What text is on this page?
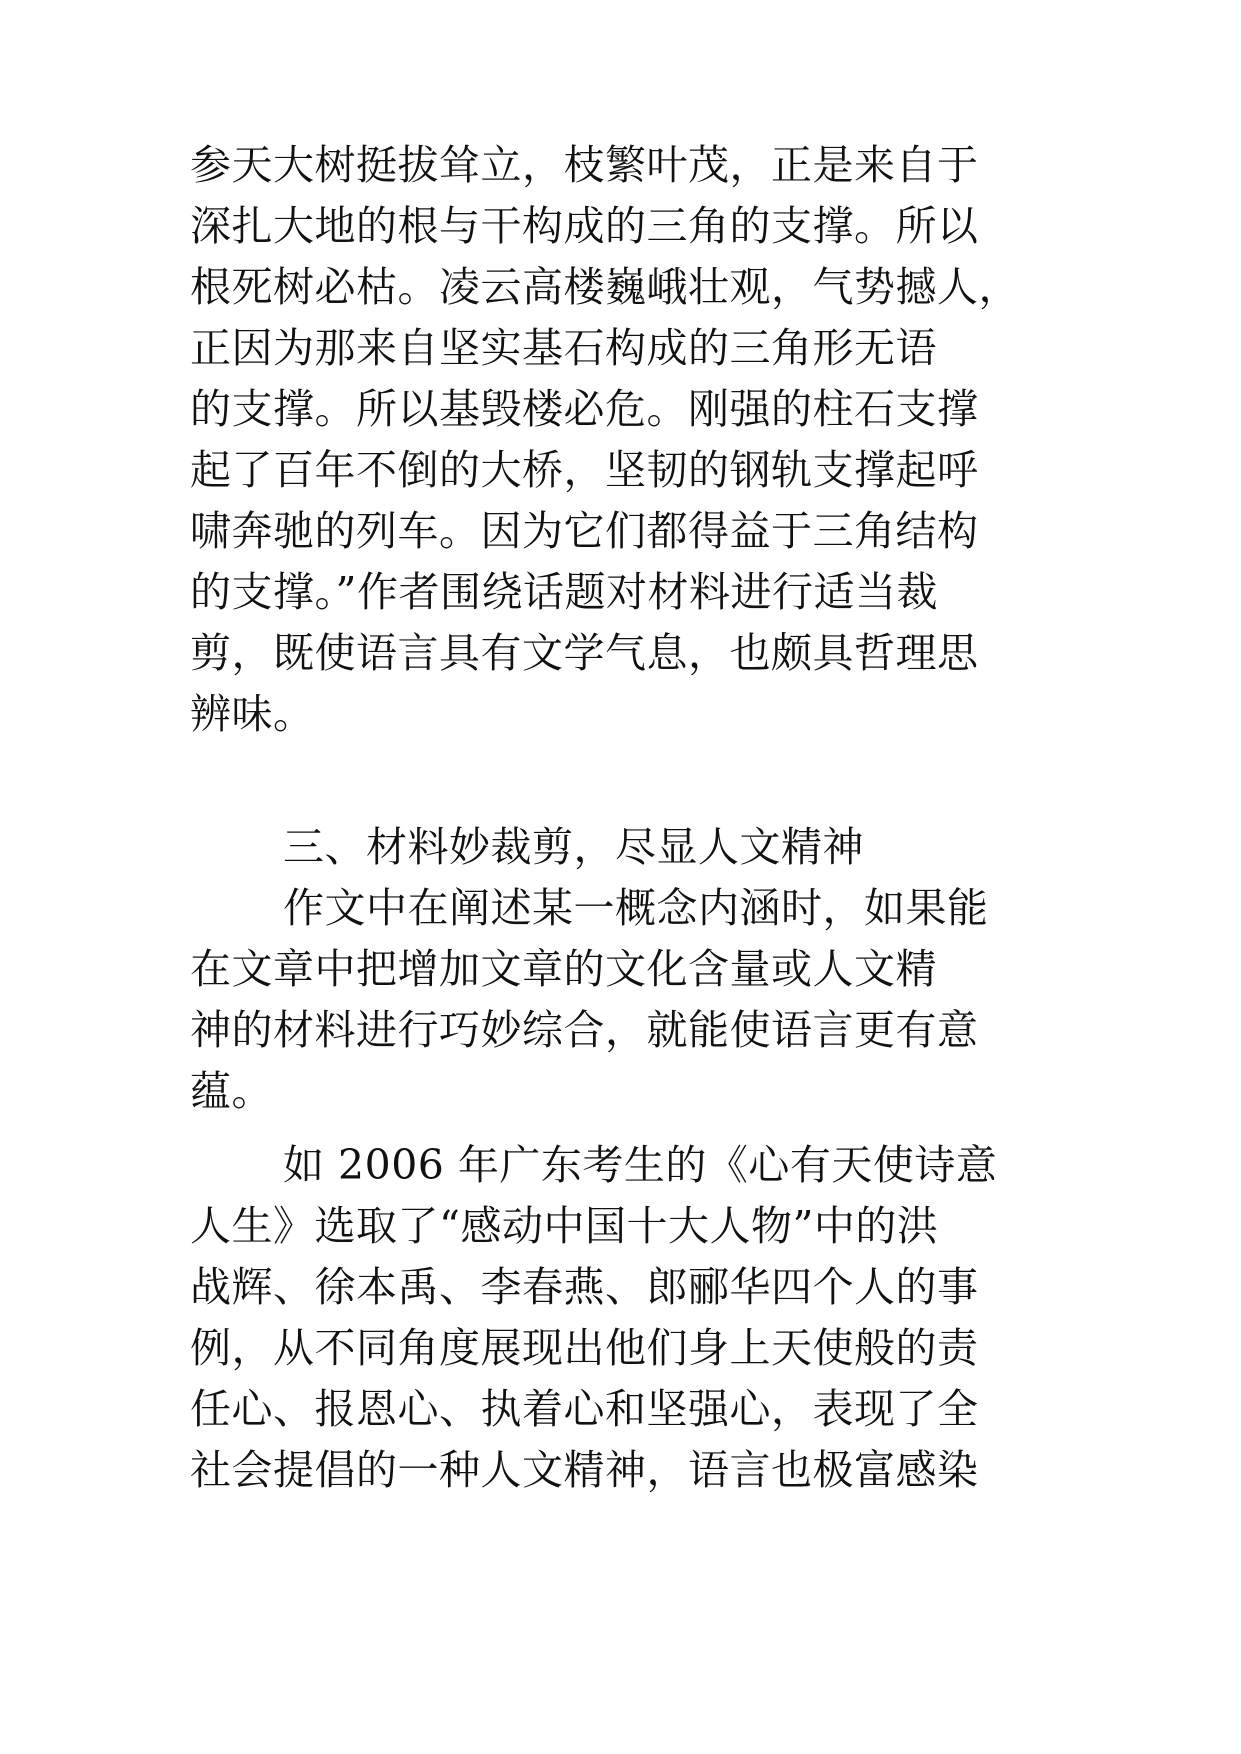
参天大树挺拔耸立，枝繁叶茂，正是来自于
深扎大地的根与干构成的三角的支撑。所以
根死树必枯。凌云高楼巍峨壮观，气势撼人，
正因为那来自坚实基石构成的三角形无语
的支撑。所以基毁楼必危。刚强的柱石支撑
起了百年不倒的大桥，坚韧的钢轨支撑起呼
啸奔驰的列车。因为它们都得益于三角结构
的支撑。”作者围绕话题对材料进行适当裁
剪，既使语言具有文学气息，也颇具哲理思
辨味。
三、材料妙裁剪，尽显人文精神
作文中在阐述某一概念内涵时，如果能
在文章中把增加文章的文化含量或人文精
神的材料进行巧妙综合，就能使语言更有意
蕴。
如 2006 年广东考生的《心有天使诗意
人生》选取了“感动中国十大人物”中的洪
战辉、徐本禹、李春燕、郎郦华四个人的事
例，从不同角度展现出他们身上天使般的责
任心、报恩心、执着心和坚强心，表现了全
社会提倡的一种人文精神，语言也极富感染
